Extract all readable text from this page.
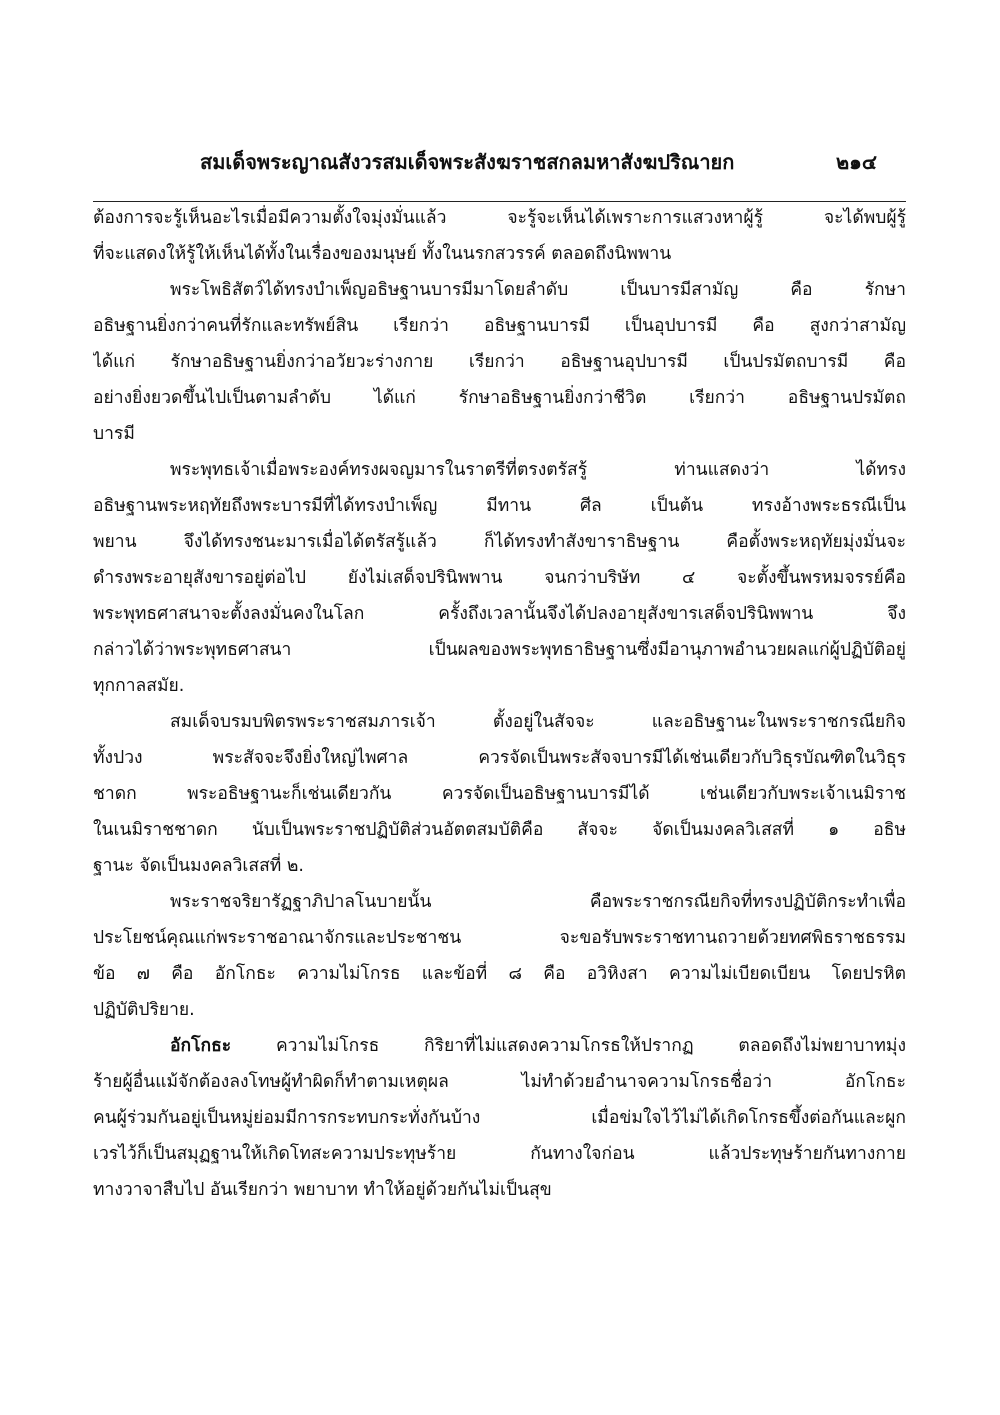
สมเด็จพระญาณสังวรสมเด็จพระสังฆราชสกลมหาสังฆปริณายก	๒๑๔
ต้องการจะรู้เห็นอะไรเมื่อมีความตั้งใจมุ่งมั่นแล้ว จะรู้จะเห็นได้เพราะการแสวงหาผู้รู้ จะได้พบผู้รู้
ที่จะแสดงให้รู้ให้เห็นได้ทั้งในเรื่องของมนุษย์ ทั้งในนรกสวรรค์ ตลอดถึงนิพพาน
พระโพธิสัตว์ได้ทรงบำเพ็ญอธิษฐานบารมีมาโดยลำดับ เป็นบารมีสามัญ คือ รักษา
อธิษฐานยิ่งกว่าคนที่รักและทรัพย์สิน เรียกว่า อธิษฐานบารมี เป็นอุปบารมี คือ สูงกว่าสามัญ
ได้แก่ รักษาอธิษฐานยิ่งกว่าอวัยวะร่างกาย เรียกว่า อธิษฐานอุปบารมี เป็นปรมัตถบารมี คือ
อย่างยิ่งยวดขึ้นไปเป็นตามลำดับ ได้แก่ รักษาอธิษฐานยิ่งกว่าชีวิต เรียกว่า อธิษฐานปรมัตถ
บารมี
พระพุทธเจ้าเมื่อพระองค์ทรงผจญมารในราตรีที่ตรงตรัสรู้ ท่านแสดงว่า ได้ทรง
อธิษฐานพระหฤทัยถึงพระบารมีที่ได้ทรงบำเพ็ญ มีทาน ศีล เป็นต้น ทรงอ้างพระธรณีเป็น
พยาน จึงได้ทรงชนะมารเมื่อได้ตรัสรู้แล้ว ก็ได้ทรงทำสังขาราธิษฐาน คือตั้งพระหฤทัยมุ่งมั่นจะ
ดำรงพระอายุสังขารอยู่ต่อไป ยังไม่เสด็จปรินิพพาน จนกว่าบริษัท ๔ จะตั้งขึ้นพรหมจรรย์คือ
พระพุทธศาสนาจะตั้งลงมั่นคงในโลก ครั้งถึงเวลานั้นจึงได้ปลงอายุสังขารเสด็จปรินิพพาน จึง
กล่าวได้ว่าพระพุทธศาสนา เป็นผลของพระพุทธาธิษฐานซึ่งมีอานุภาพอำนวยผลแก่ผู้ปฏิบัติอยู่
ทุกกาลสมัย.
สมเด็จบรมบพิตรพระราชสมภารเจ้า ตั้งอยู่ในสัจจะ และอธิษฐานะในพระราชกรณียกิจ
ทั้งปวง พระสัจจะจึงยิ่งใหญ่ไพศาล ควรจัดเป็นพระสัจจบารมีได้เช่นเดียวกับวิธุรบัณฑิตในวิธุร
ชาดก พระอธิษฐานะก็เช่นเดียวกัน ควรจัดเป็นอธิษฐานบารมีได้ เช่นเดียวกับพระเจ้าเนมิราช
ในเนมิราชชาดก นับเป็นพระราชปฏิบัติส่วนอัตตสมบัติคือ สัจจะ จัดเป็นมงคลวิเสสที่ ๑ อธิษ
ฐานะ จัดเป็นมงคลวิเสสที่ ๒.
พระราชจริยารัฏฐาภิปาลโนบายนั้น คือพระราชกรณียกิจที่ทรงปฏิบัติกระทำเพื่อ
ประโยชน์คุณแก่พระราชอาณาจักรและประชาชน จะขอรับพระราชทานถวายด้วยทศพิธราชธรรม
ข้อ ๗ คือ อักโกธะ ความไม่โกรธ และข้อที่ ๘ คือ อวิหิงสา ความไม่เบียดเบียน โดยปรหิต
ปฏิบัติปริยาย.
อักโกธะ	ความไม่โกรธ กิริยาที่ไม่แสดงความโกรธให้ปรากฏ ตลอดถึงไม่พยาบาทมุ่ง
ร้ายผู้อื่นแม้จักต้องลงโทษผู้ทำผิดก็ทำตามเหตุผล ไม่ทำด้วยอำนาจความโกรธชื่อว่า อักโกธะ
คนผู้ร่วมกันอยู่เป็นหมู่ย่อมมีการกระทบกระทั่งกันบ้าง เมื่อข่มใจไว้ไม่ได้เกิดโกรธขึ้งต่อกันและผูก
เวรไว้ก็เป็นสมุฏฐานให้เกิดโทสะความประทุษร้าย กันทางใจก่อน แล้วประทุษร้ายกันทางกาย
ทางวาจาสืบไป อันเรียกว่า พยาบาท ทำให้อยู่ด้วยกันไม่เป็นสุข
